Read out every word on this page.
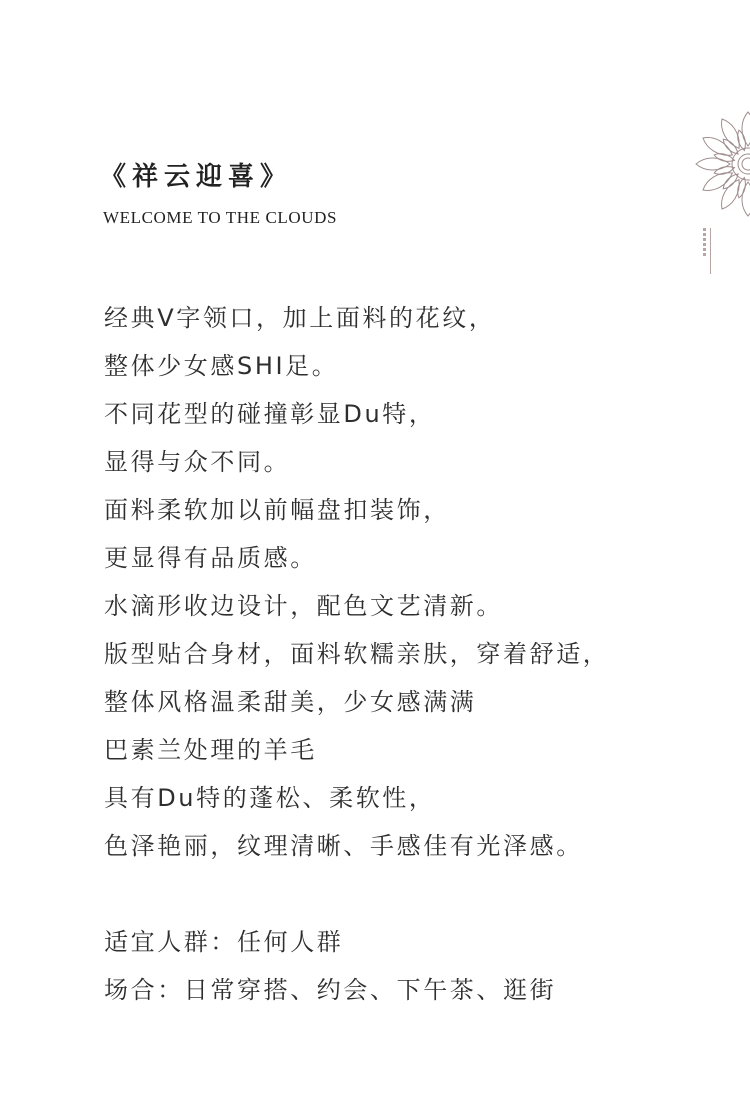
《祥云迎喜》
WELCOME TO THE CLOUDS
经典V字领口，加上面料的花纹，
整体少女感SHI足。
不同花型的碰撞彰显Du特，
显得与众不同。
面料柔软加以前幅盘扣装饰，
更显得有品质感。
水滴形收边设计，配色文艺清新。
版型贴合身材，面料软糯亲肤，穿着舒适，
整体风格温柔甜美，少女感满满
巴素兰处理的羊毛
具有Du特的蓬松、柔软性，
色泽艳丽，纹理清晰、手感佳有光泽感。
适宜人群：任何人群
场合：日常穿搭、约会、下午茶、逛街
